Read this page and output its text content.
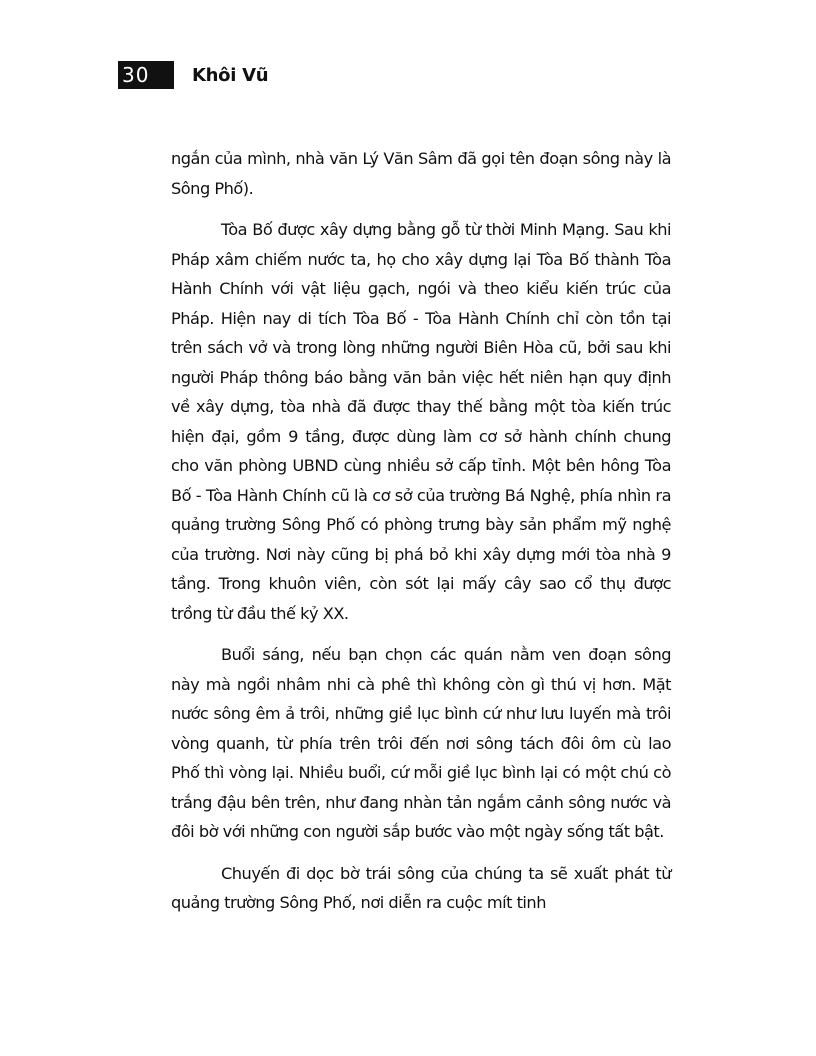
30	Khôi Vũ

ngắn của mình, nhà văn Lý Văn Sâm đã gọi tên đoạn sông này là Sông Phố).

Tòa Bố được xây dựng bằng gỗ từ thời Minh Mạng. Sau khi Pháp xâm chiếm nước ta, họ cho xây dựng lại Tòa Bố thành Tòa Hành Chính với vật liệu gạch, ngói và theo kiểu kiến trúc của Pháp. Hiện nay di tích Tòa Bố - Tòa Hành Chính chỉ còn tồn tại trên sách vở và trong lòng những người Biên Hòa cũ, bởi sau khi người Pháp thông báo bằng văn bản việc hết niên hạn quy định về xây dựng, tòa nhà đã được thay thế bằng một tòa kiến trúc hiện đại, gồm 9 tầng, được dùng làm cơ sở hành chính chung cho văn phòng UBND cùng nhiều sở cấp tỉnh. Một bên hông Tòa Bố - Tòa Hành Chính cũ là cơ sở của trường Bá Nghệ, phía nhìn ra quảng trường Sông Phố có phòng trưng bày sản phẩm mỹ nghệ của trường. Nơi này cũng bị phá bỏ khi xây dựng mới tòa nhà 9 tầng. Trong khuôn viên, còn sót lại mấy cây sao cổ thụ được trồng từ đầu thế kỷ XX.

Buổi sáng, nếu bạn chọn các quán nằm ven đoạn sông này mà ngồi nhâm nhi cà phê thì không còn gì thú vị hơn. Mặt nước sông êm ả trôi, những giề lục bình cứ như lưu luyến mà trôi vòng quanh, từ phía trên trôi đến nơi sông tách đôi ôm cù lao Phố thì vòng lại. Nhiều buổi, cứ mỗi giề lục bình lại có một chú cò trắng đậu bên trên, như đang nhàn tản ngắm cảnh sông nước và đôi bờ với những con người sắp bước vào một ngày sống tất bật.

Chuyến đi dọc bờ trái sông của chúng ta sẽ xuất phát từ quảng trường Sông Phố, nơi diễn ra cuộc mít tinh
